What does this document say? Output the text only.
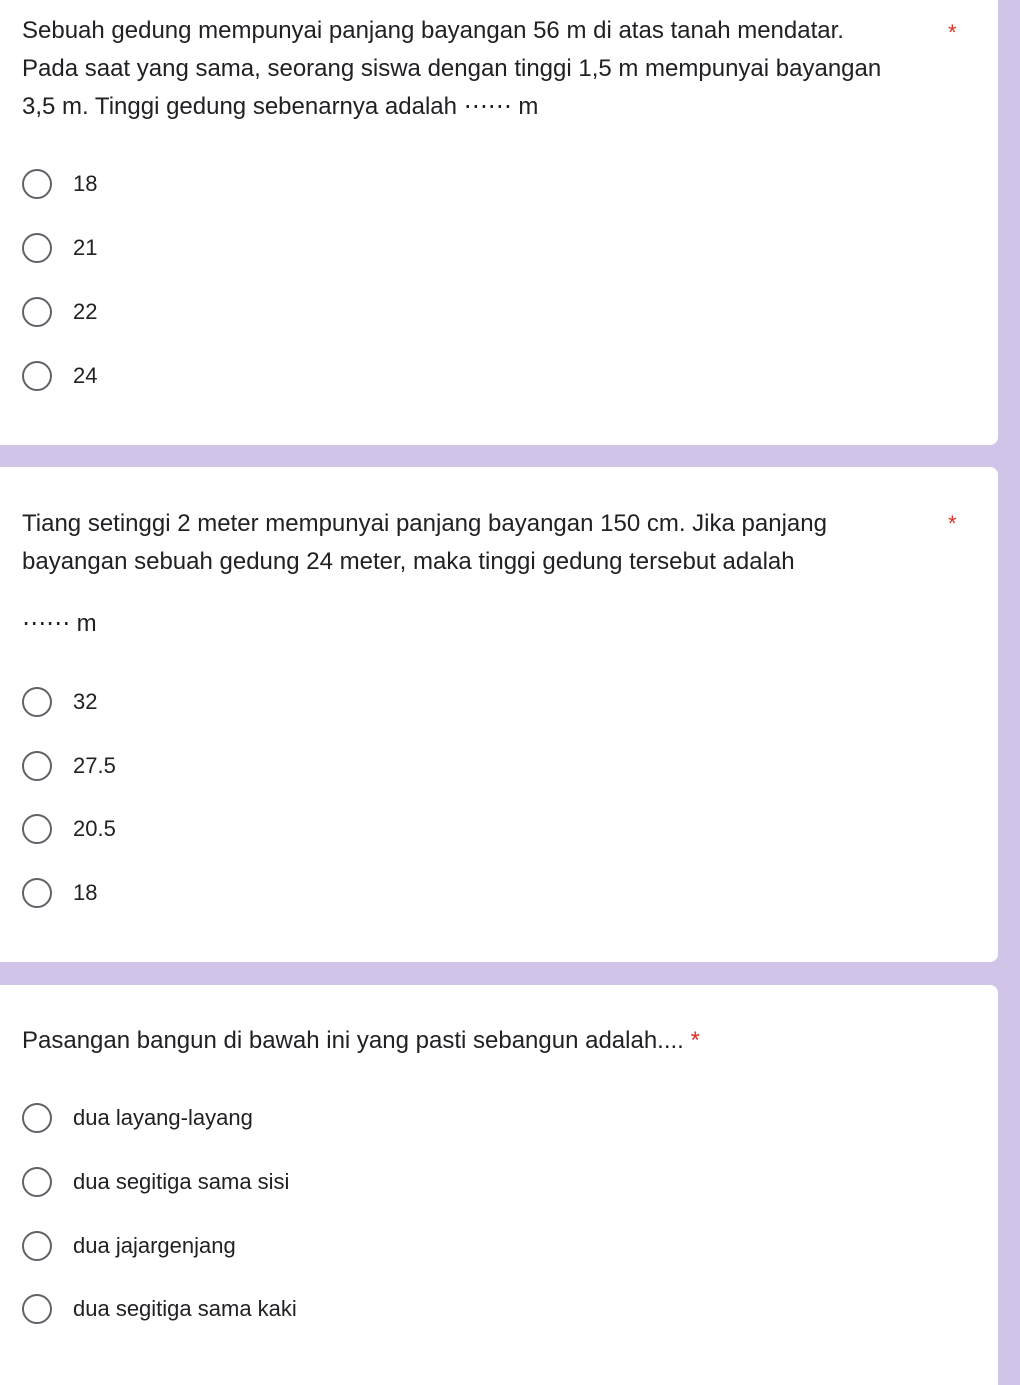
Sebuah gedung mempunyai panjang bayangan 56 m di atas tanah mendatar.
Pada saat yang sama, seorang siswa dengan tinggi 1,5 m mempunyai bayangan
3,5 m. Tinggi gedung sebenarnya adalah ⋯⋯ m
*
18
21
22
24
Tiang setinggi 2 meter mempunyai panjang bayangan 150 cm. Jika panjang
bayangan sebuah gedung 24 meter, maka tinggi gedung tersebut adalah
⋯⋯ m
*
32
27.5
20.5
18
Pasangan bangun di bawah ini yang pasti sebangun adalah.... *
dua layang-layang
dua segitiga sama sisi
dua jajargenjang
dua segitiga sama kaki
